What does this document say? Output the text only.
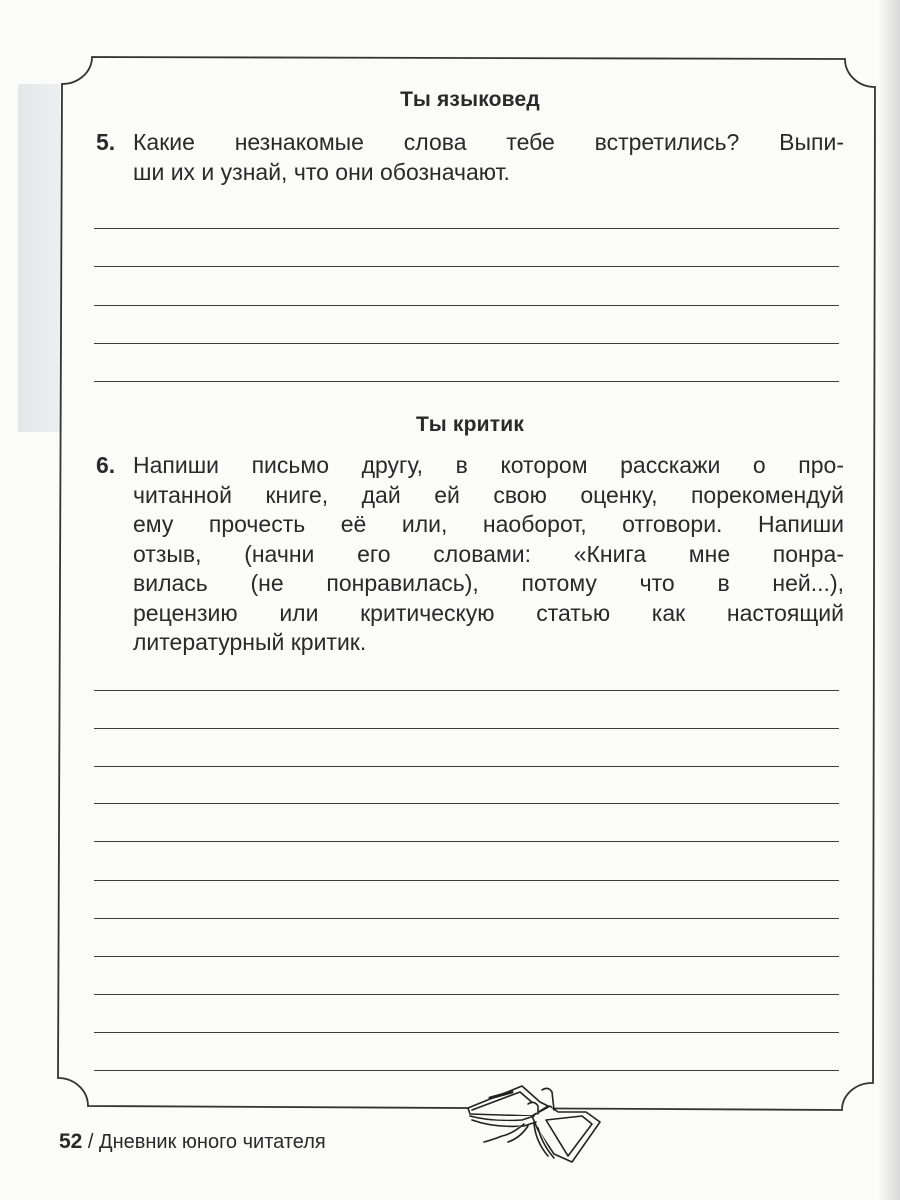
Ты языковед
5. Какие незнакомые слова тебе встретились? Выпи-
ши их и узнай, что они обозначают.
Ты критик
6. Напиши письмо другу, в котором расскажи о про-
читанной книге, дай ей свою оценку, порекомендуй
ему прочесть её или, наоборот, отговори. Напиши
отзыв, (начни его словами: «Книга мне понра-
вилась (не понравилась), потому что в ней...),
рецензию или критическую статью как настоящий
литературный критик.
52 / Дневник юного читателя
